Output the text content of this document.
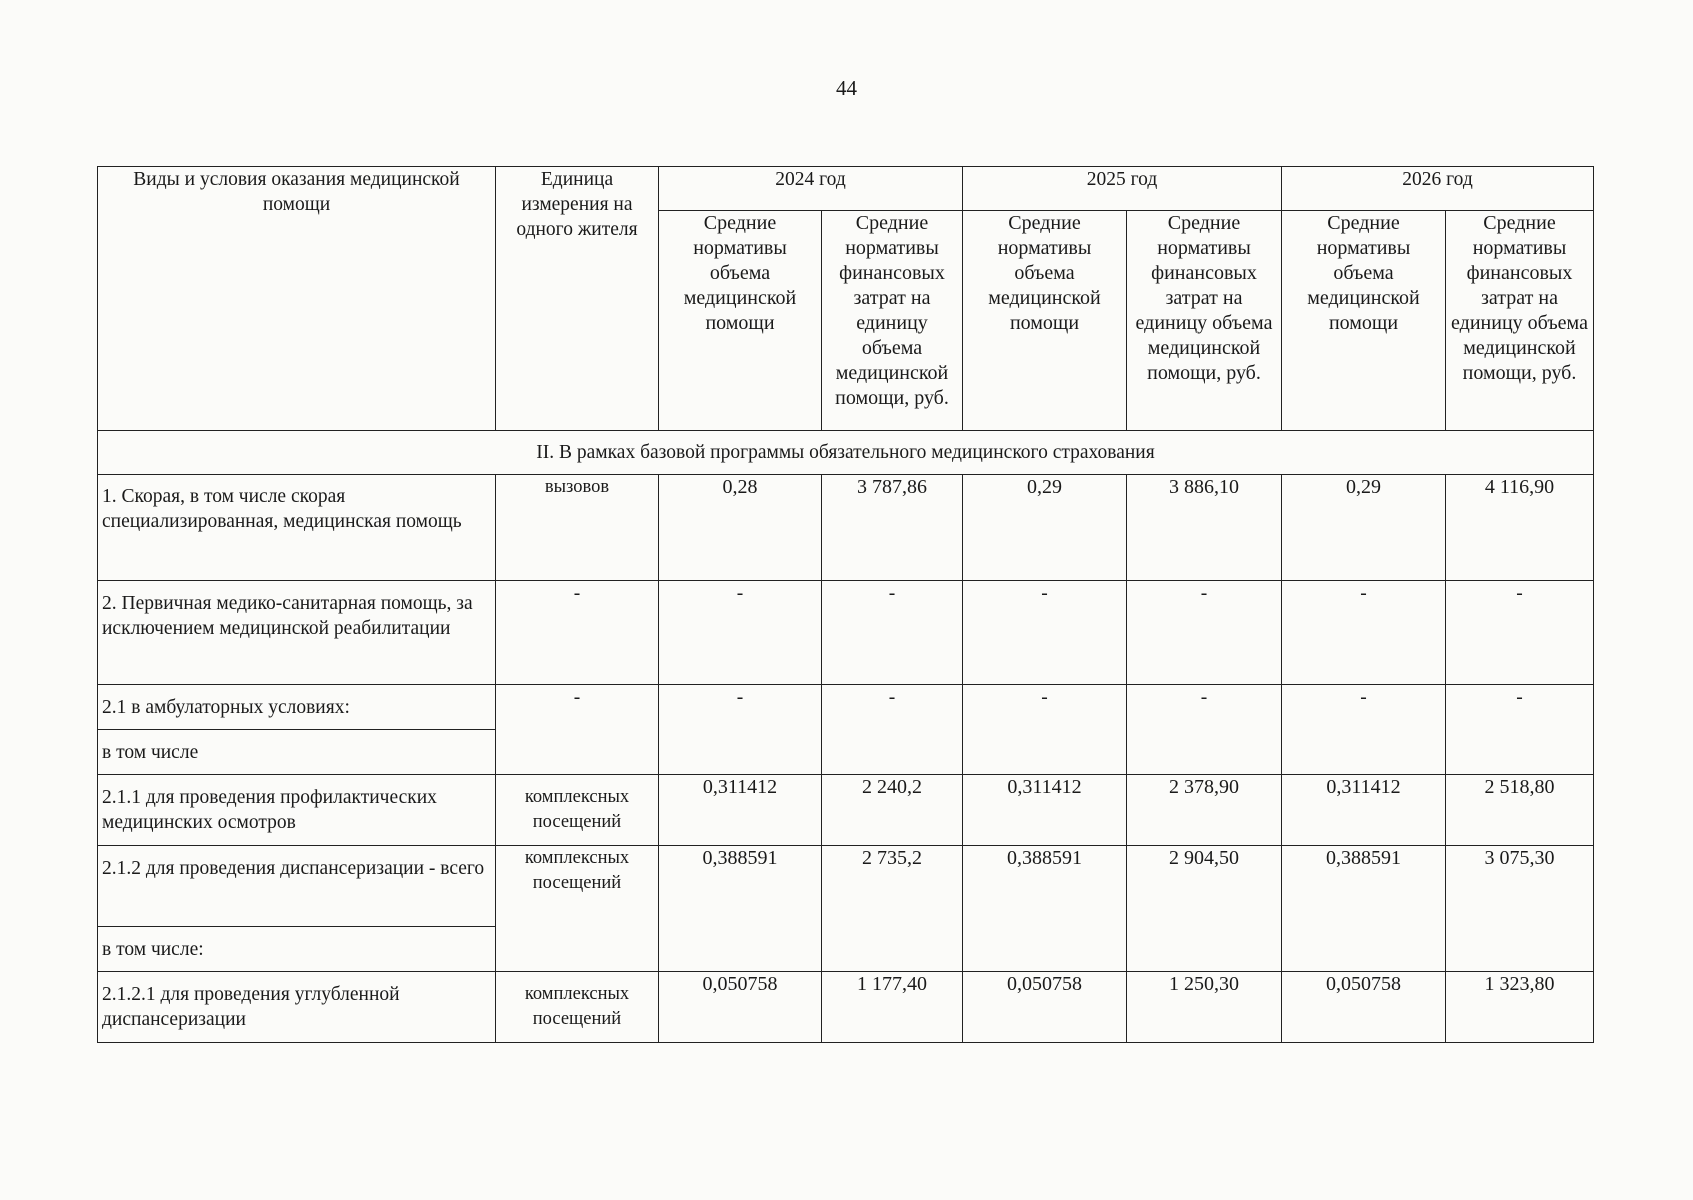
44
Виды и условия оказания медицинской помощи	Единица измерения на одного жителя	2024 год		2025 год		2026 год	
		Средние нормативы объема медицинской помощи	Средние нормативы финансовых затрат на единицу объема медицинской помощи, руб.	Средние нормативы объема медицинской помощи	Средние нормативы финансовых затрат на единицу объема медицинской помощи, руб.	Средние нормативы объема медицинской помощи	Средние нормативы финансовых затрат на единицу объема медицинской помощи, руб.
II. В рамках базовой программы обязательного медицинского страхования							
1. Скорая, в том числе скорая специализированная, медицинская помощь	вызовов	0,28	3 787,86	0,29	3 886,10	0,29	4 116,90
2. Первичная медико-санитарная помощь, за исключением медицинской реабилитации	-	-	-	-	-	-	-
2.1 в амбулаторных условиях:	-	-	-	-	-	-	-
в том числе							
2.1.1 для проведения профилактических медицинских осмотров	комплексных посещений	0,311412	2 240,2	0,311412	2 378,90	0,311412	2 518,80
2.1.2 для проведения диспансеризации - всего	комплексных посещений	0,388591	2 735,2	0,388591	2 904,50	0,388591	3 075,30
в том числе:							
2.1.2.1 для проведения углубленной диспансеризации	комплексных посещений	0,050758	1 177,40	0,050758	1 250,30	0,050758	1 323,80
